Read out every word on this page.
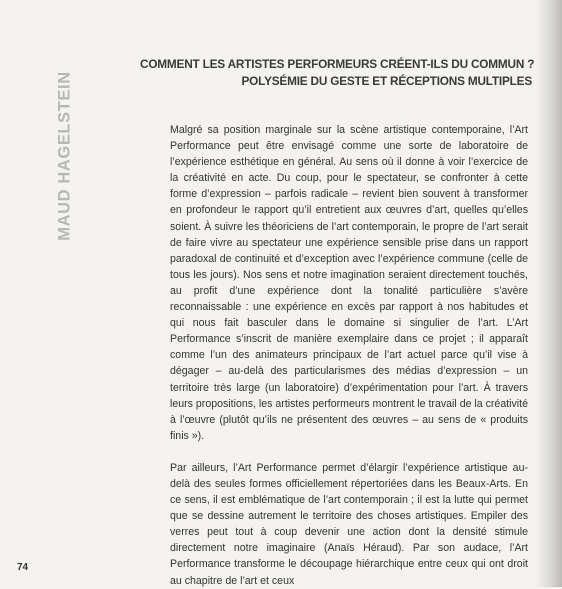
MAUD HAGELSTEIN
COMMENT LES ARTISTES PERFORMEURS CRÉENT-ILS DU COMMUN ?
POLYSÉMIE DU GESTE ET RÉCEPTIONS MULTIPLES

Malgré sa position marginale sur la scène artistique contemporaine, l’Art Performance peut être envisagé comme une sorte de laboratoire de l’expérience esthétique en général. Au sens où il donne à voir l’exercice de la créativité en acte. Du coup, pour le spectateur, se confronter à cette forme d’expression – parfois radicale – revient bien souvent à transformer en profondeur le rapport qu’il entretient aux œuvres d’art, quelles qu’elles soient. À suivre les théoriciens de l’art contemporain, le propre de l’art serait de faire vivre au spectateur une expérience sensible prise dans un rapport paradoxal de continuité et d’exception avec l’expérience commune (celle de tous les jours). Nos sens et notre imagination seraient directement touchés, au profit d’une expérience dont la tonalité particulière s’avère reconnaissable : une expérience en excès par rapport à nos habitudes et qui nous fait basculer dans le domaine si singulier de l’art. L’Art Performance s’inscrit de manière exemplaire dans ce projet ; il apparaît comme l’un des animateurs principaux de l’art actuel parce qu’il vise à dégager – au-delà des particularismes des médias d’expression – un territoire très large (un laboratoire) d’expérimentation pour l’art. À travers leurs propositions, les artistes performeurs montrent le travail de la créativité à l’œuvre (plutôt qu’ils ne présentent des œuvres – au sens de « produits finis »).

Par ailleurs, l’Art Performance permet d’élargir l’expérience artistique au-delà des seules formes officiellement répertoriées dans les Beaux-Arts. En ce sens, il est emblématique de l’art contemporain ; il est la lutte qui permet que se dessine autrement le territoire des choses artistiques. Empiler des verres peut tout à coup devenir une action dont la densité stimule directement notre imaginaire (Anaïs Héraud). Par son audace, l’Art Performance transforme le découpage hiérarchique entre ceux qui ont droit au chapitre de l’art et ceux

74
